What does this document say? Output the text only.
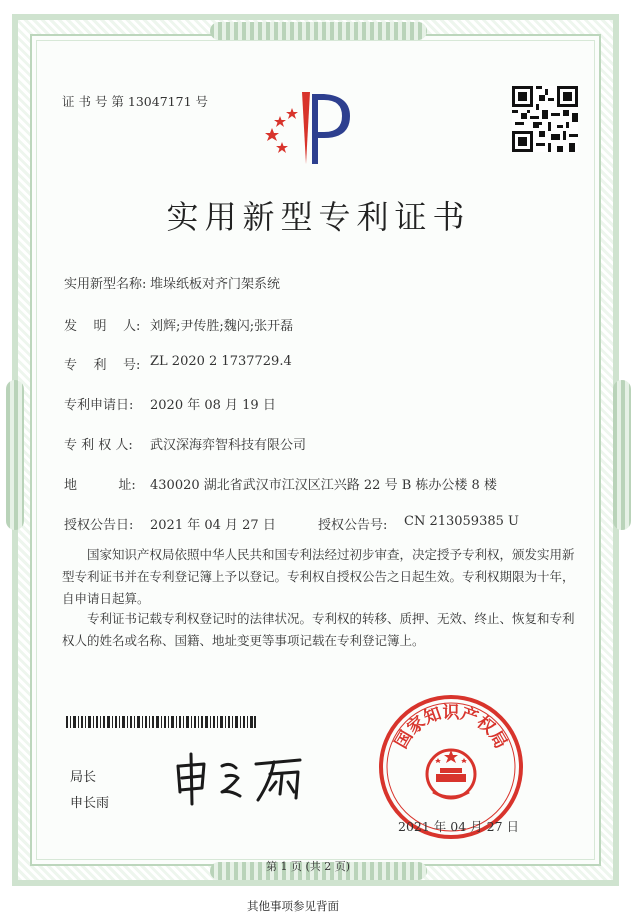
证 书 号 第 13047171 号
实用新型专利证书
实用新型名称: 堆垛纸板对齐门架系统
发    明    人: 刘辉;尹传胜;魏闪;张开磊
专    利    号: ZL 2020 2 1737729.4
专利申请日: 2020 年 08 月 19 日
专 利 权 人: 武汉深海弈智科技有限公司
地          址: 430020 湖北省武汉市江汉区江兴路 22 号 B 栋办公楼 8 楼
授权公告日: 2021 年 04 月 27 日	授权公告号: CN 213059385 U
国家知识产权局依照中华人民共和国专利法经过初步审查，决定授予专利权，颁发实用新型专利证书并在专利登记簿上予以登记。专利权自授权公告之日起生效。专利权期限为十年，自申请日起算。
专利证书记载专利权登记时的法律状况。专利权的转移、质押、无效、终止、恢复和专利权人的姓名或名称、国籍、地址变更等事项记载在专利登记簿上。
局长
申长雨
国家知识产权局
2021 年 04 月 27 日
第 1 页 (共 2 页)
其他事项参见背面
